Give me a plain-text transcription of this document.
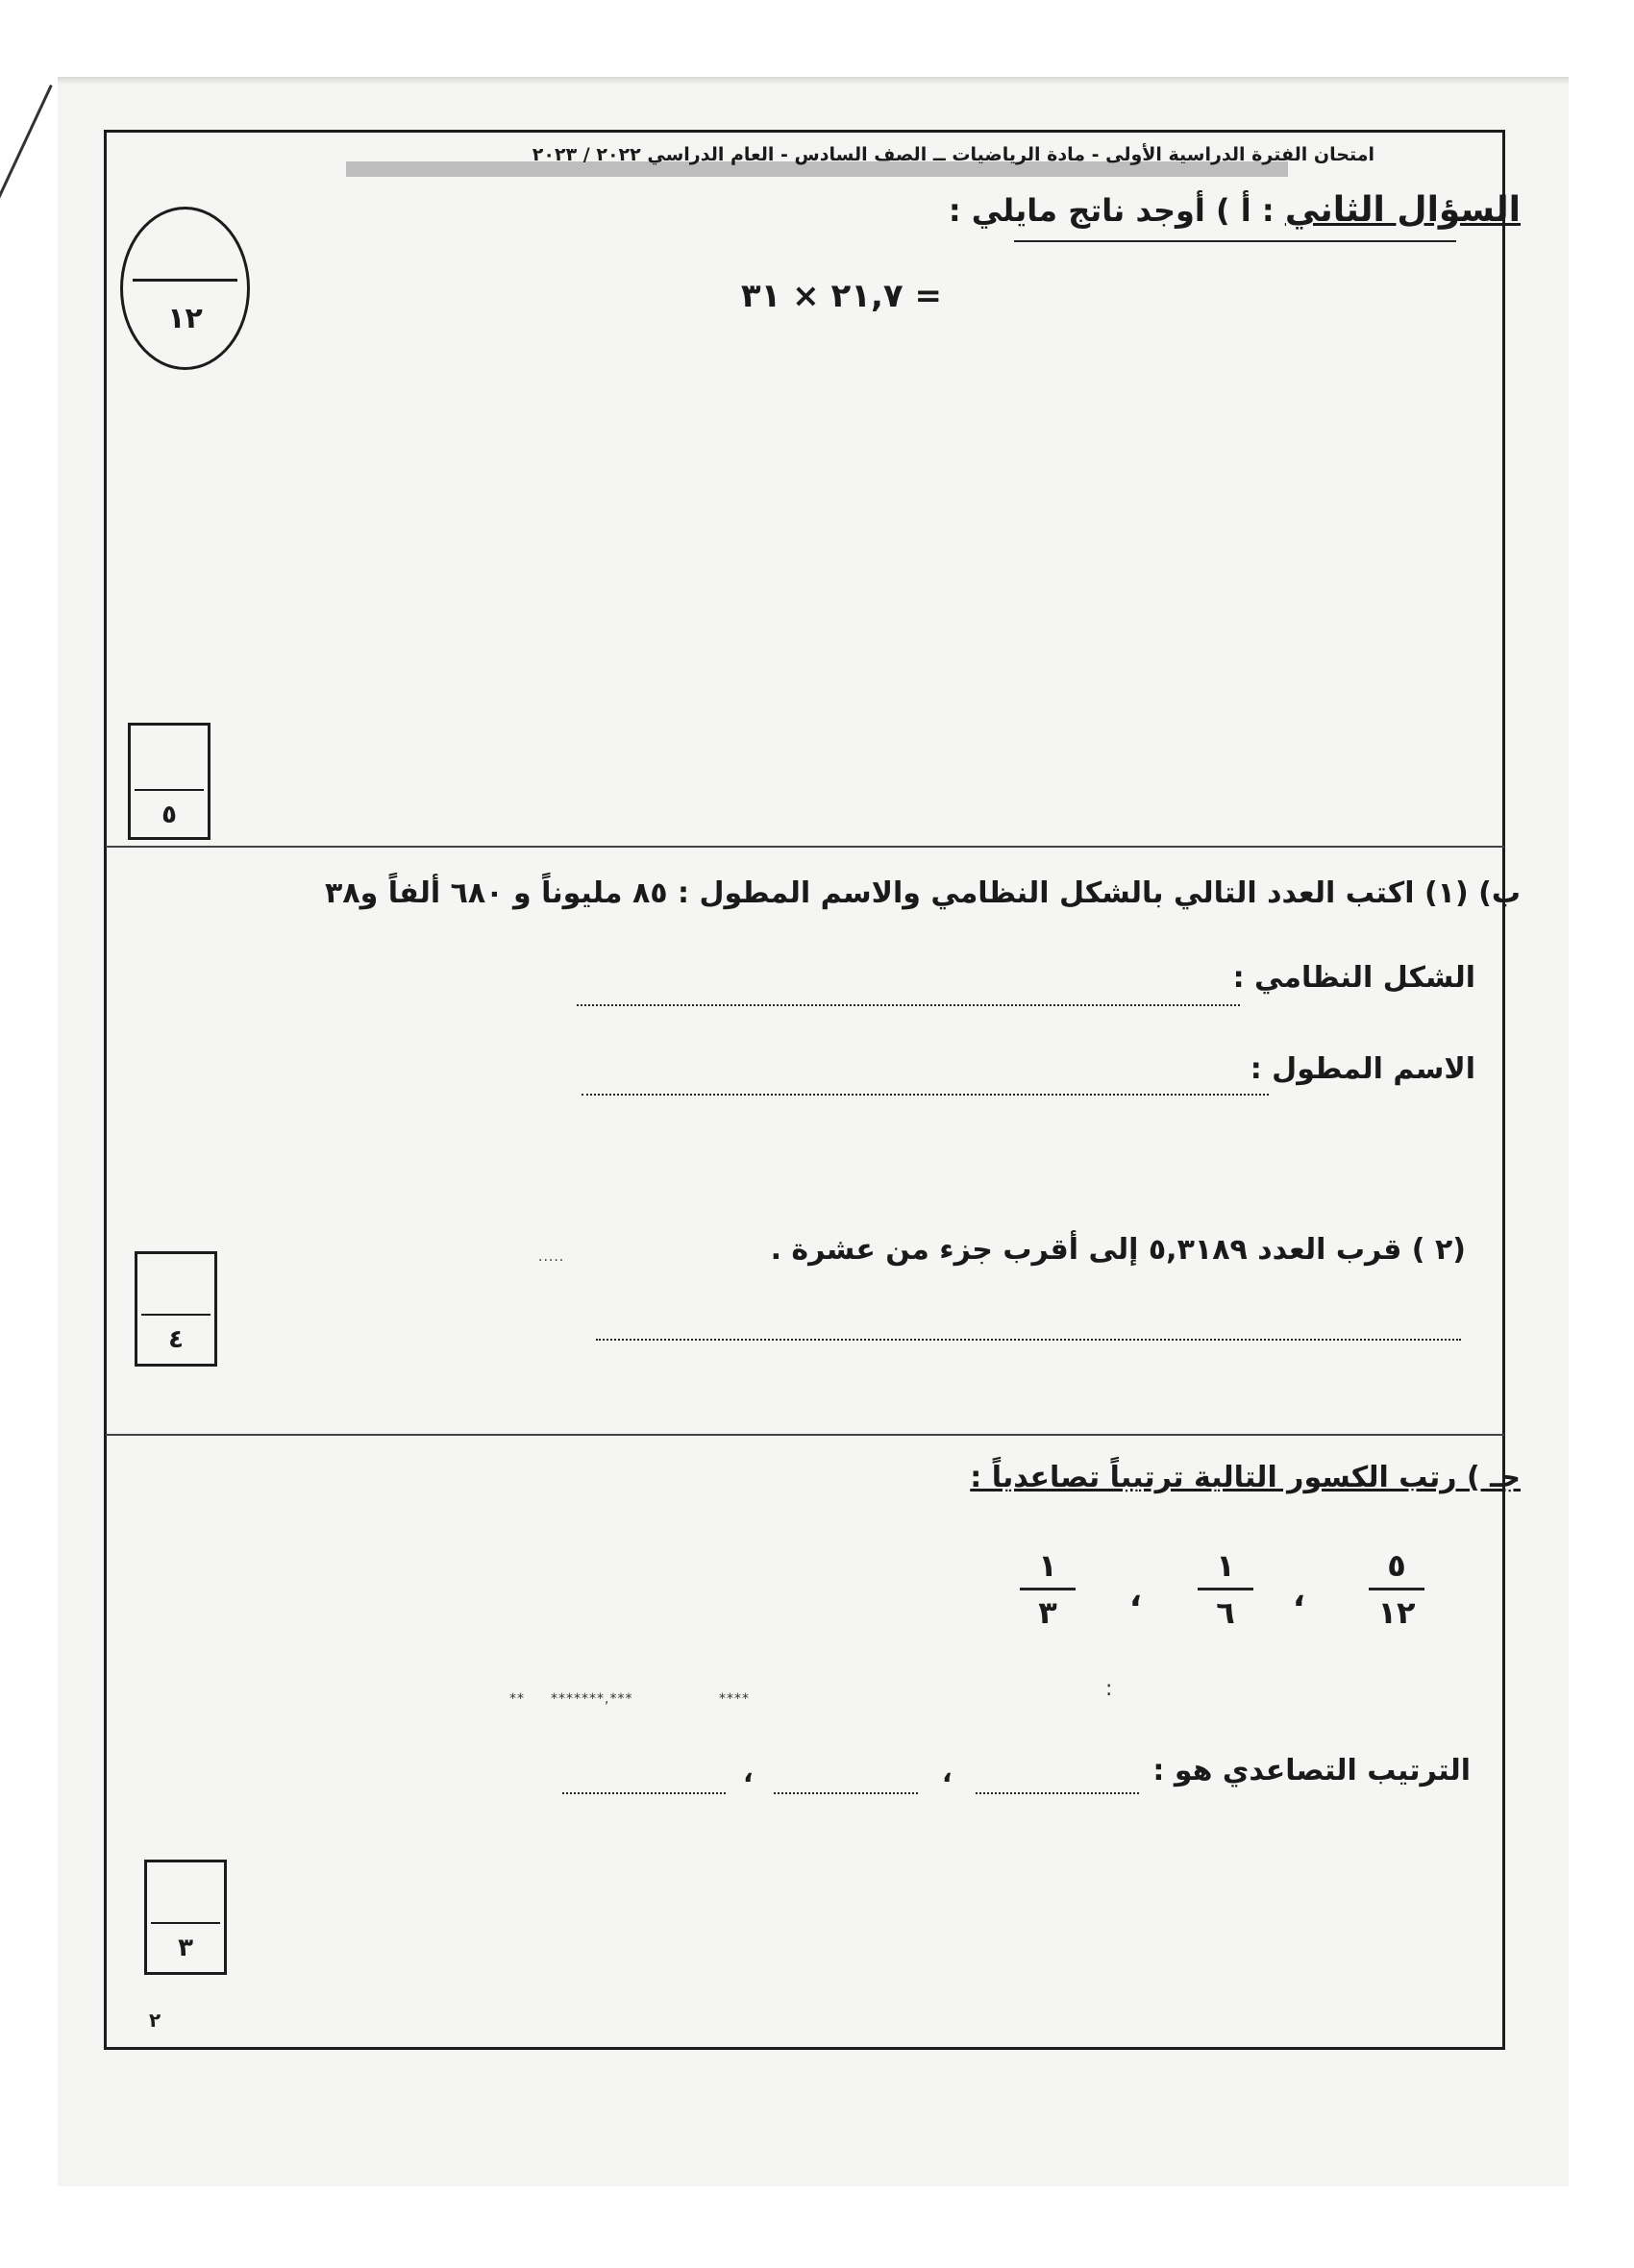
امتحان الفترة الدراسية الأولى - مادة الرياضيات ــ الصف السادس - العام الدراسي ٢٠٢٢ / ٢٠٢٣
السؤال الثاني : أ ) أوجد ناتج مايلي :
٢١,٧ × ٣١ =
١٢
٥
ب) (١) اكتب العدد التالي بالشكل النظامي والاسم المطول : ٨٥ مليوناً و ٦٨٠ ألفاً و٣٨
الشكل النظامي :
الاسم المطول :
(٢ ) قرب العدد ٥,٣١٨٩ إلى أقرب جزء من عشرة .
.....
٤
جـ ) رتب الكسور التالية ترتيباً تصاعدياً :
٥
١٢
،
١
٦
،
١
٣
:
** *******,***	****
الترتيب التصاعدي هو :
،
،
٣
٢
